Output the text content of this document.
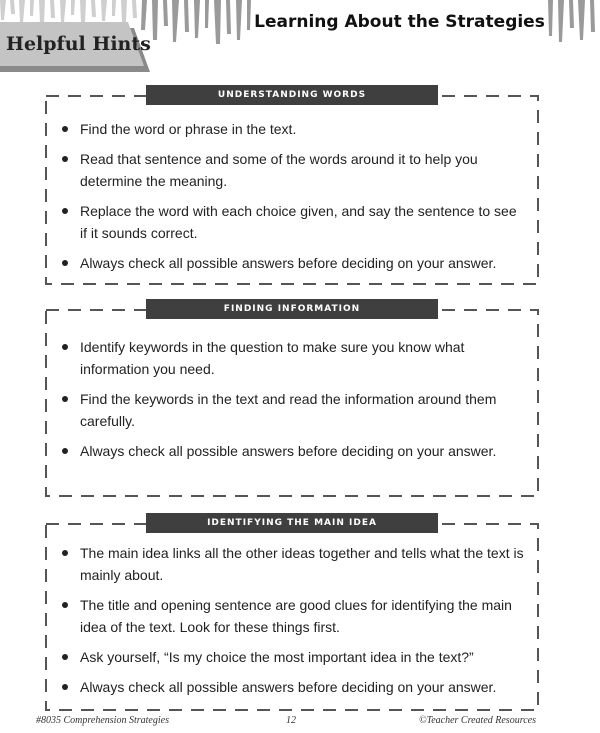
Learning About the Strategies
Helpful Hints
UNDERSTANDING WORDS
Find the word or phrase in the text.
Read that sentence and some of the words around it to help you determine the meaning.
Replace the word with each choice given, and say the sentence to see if it sounds correct.
Always check all possible answers before deciding on your answer.
FINDING INFORMATION
Identify keywords in the question to make sure you know what information you need.
Find the keywords in the text and read the information around them carefully.
Always check all possible answers before deciding on your answer.
IDENTIFYING THE MAIN IDEA
The main idea links all the other ideas together and tells what the text is mainly about.
The title and opening sentence are good clues for identifying the main idea of the text. Look for these things first.
Ask yourself, “Is my choice the most important idea in the text?”
Always check all possible answers before deciding on your answer.
#8035 Comprehension Strategies	12	©Teacher Created Resources
